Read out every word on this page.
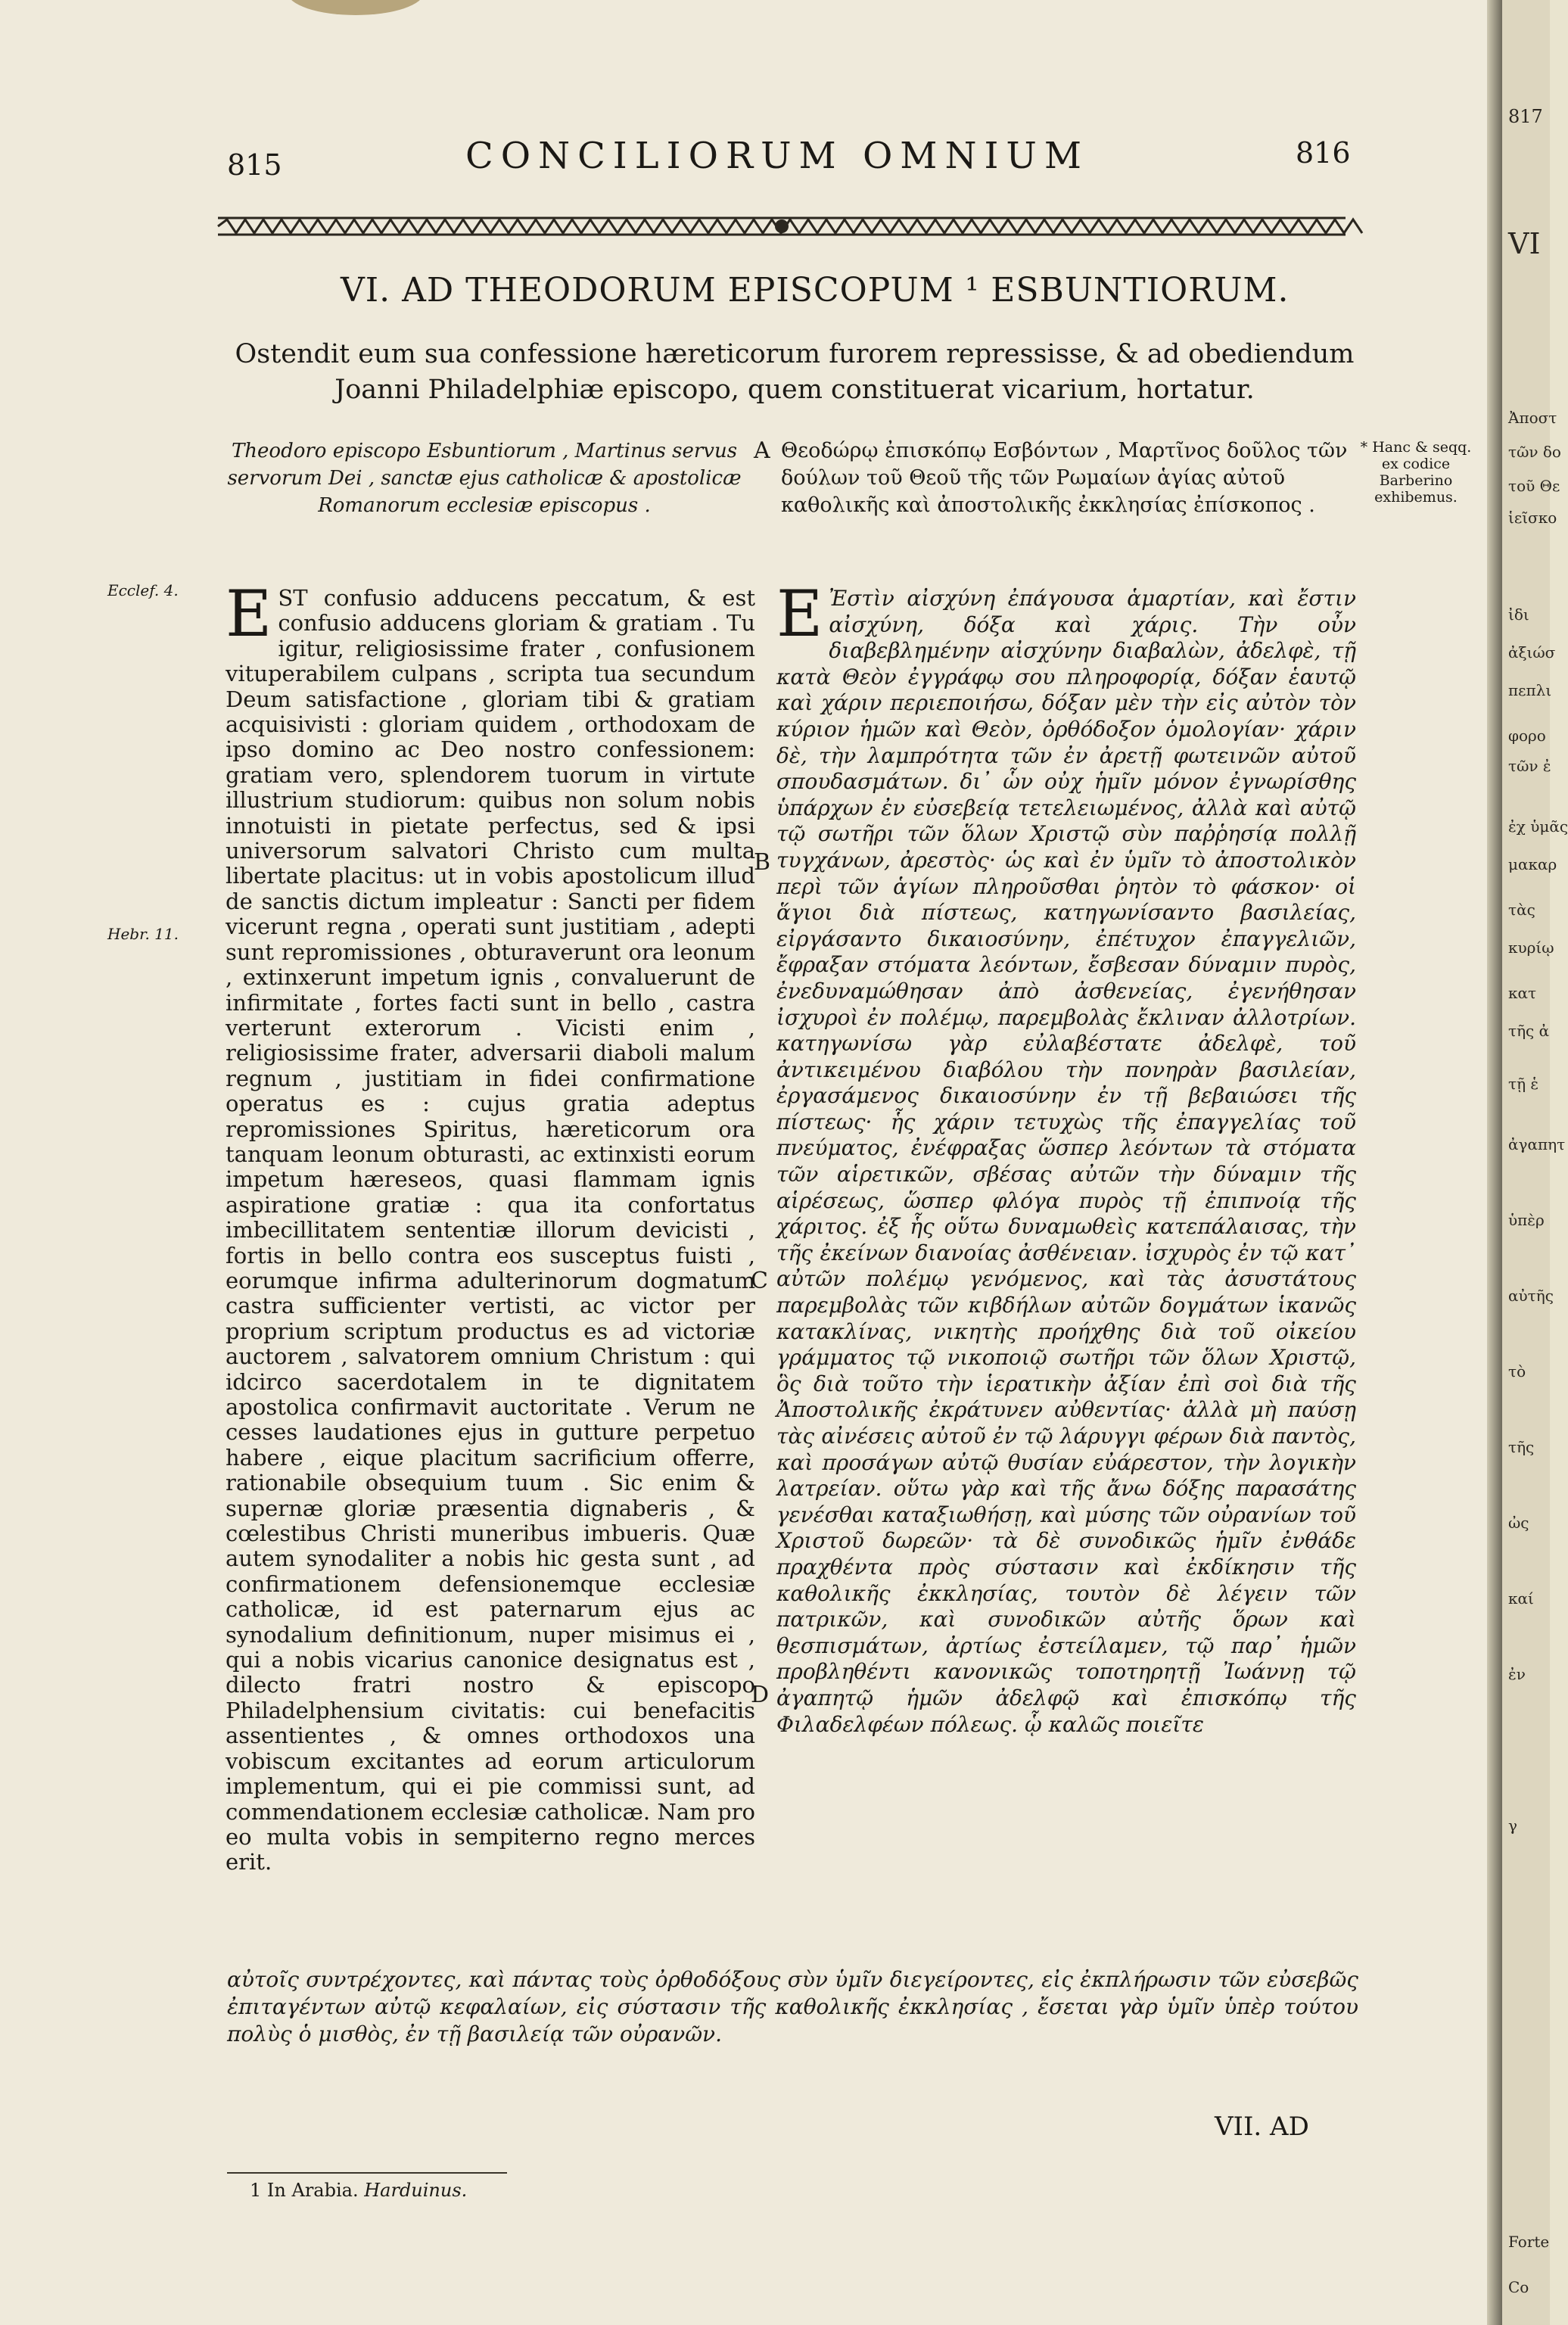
817
VI
Ἀποστ
τῶν δο
τοῦ Θε
ἱεῖσκο
ἰδι
ἀξιώσ
πεπλι
φορο
τῶν ἐ
ἐχ ὑμᾶς
μακαρ
τὰς
κυρίῳ
κατ
τῆς ἀ
τῇ ἑ
ἀγαπητ
ὑπὲρ
αὐτῆς
τὸ
τῆς
ὠς
καί
ἐν
γ
Forte
Co
815	CONCILIORUM OMNIUM	816
VI. AD THEODORUM EPISCOPUM ¹ ESBUNTIORUM.
Ostendit eum sua confessione hæreticorum furorem repressisse, & ad obediendum Joanni Philadelphiæ episcopo, quem constituerat vicarium, hortatur.
Theodoro episcopo Esbuntiorum , Martinus servus servorum Dei , sanctæ ejus catholicæ & apostolicæ Romanorum ecclesiæ episcopus .
A Θεοδώρῳ ἐπισκόπῳ Εσβόντων , Μαρτῖνος δοῦλος τῶν δούλων τοῦ Θεοῦ τῆς τῶν Ρωμαίων ἁγίας αὐτοῦ καθολικῆς καὶ ἀποστολικῆς ἐκκλησίας ἐπίσκοπος .
* Hanc & seqq. ex codice Barberino exhibemus.
Ecclef. 4.
Hebr. 11.
B
C
D
EST confusio adducens peccatum, & est confusio adducens gloriam & gratiam . Tu igitur, religiosissime frater , confusionem vituperabilem culpans , scripta tua secundum Deum satisfactione , gloriam tibi & gratiam acquisivisti : gloriam quidem , orthodoxam de ipso domino ac Deo nostro confessionem: gratiam vero, splendorem tuorum in virtute illustrium studiorum: quibus non solum nobis innotuisti in pietate perfectus, sed & ipsi universorum salvatori Christo cum multa libertate placitus: ut in vobis apostolicum illud de sanctis dictum impleatur : Sancti per fidem vicerunt regna , operati sunt justitiam , adepti sunt repromissiones , obturaverunt ora leonum , extinxerunt impetum ignis , convaluerunt de infirmitate , fortes facti sunt in bello , castra verterunt exterorum . Vicisti enim , religiosissime frater, adversarii diaboli malum regnum , justitiam in fidei confirmatione operatus es : cujus gratia adeptus repromissiones Spiritus, hæreticorum ora tanquam leonum obturasti, ac extinxisti eorum impetum hæreseos, quasi flammam ignis aspiratione gratiæ : qua ita confortatus imbecillitatem sententiæ illorum devicisti , fortis in bello contra eos susceptus fuisti , eorumque infirma adulterinorum dogmatum castra sufficienter vertisti, ac victor per proprium scriptum productus es ad victoriæ auctorem , salvatorem omnium Christum : qui idcirco sacerdotalem in te dignitatem apostolica confirmavit auctoritate . Verum ne cesses laudationes ejus in gutture perpetuo habere , eique placitum sacrificium offerre, rationabile obsequium tuum . Sic enim & supernæ gloriæ præsentia dignaberis , & cœlestibus Christi muneribus imbueris. Quæ autem synodaliter a nobis hic gesta sunt , ad confirmationem defensionemque ecclesiæ catholicæ, id est paternarum ejus ac synodalium definitionum, nuper misimus ei , qui a nobis vicarius canonice designatus est , dilecto fratri nostro & episcopo Philadelphensium civitatis: cui benefacitis assentientes , & omnes orthodoxos una vobiscum excitantes ad eorum articulorum implementum, qui ei pie commissi sunt, ad commendationem ecclesiæ catholicæ. Nam pro eo multa vobis in sempiterno regno merces erit.
Ε Ἐστὶν αἰσχύνη ἐπάγουσα ἁμαρτίαν, καὶ ἔστιν αἰσχύνη, δόξα καὶ χάρις. Τὴν οὖν διαβεβλημένην αἰσχύνην διαβαλὼν, ἀδελφὲ, τῇ κατὰ Θεὸν ἐγγράφῳ σου πληροφορίᾳ, δόξαν ἑαυτῷ καὶ χάριν περιεποιήσω, δόξαν μὲν τὴν εἰς αὐτὸν τὸν κύριον ἡμῶν καὶ Θεὸν, ὀρθόδοξον ὁμολογίαν· χάριν δὲ, τὴν λαμπρότητα τῶν ἐν ἀρετῇ φωτεινῶν αὐτοῦ σπουδασμάτων. δι᾽ ὧν οὐχ ἡμῖν μόνον ἐγνωρίσθης ὑπάρχων ἐν εὐσεβείᾳ τετελειωμένος, ἀλλὰ καὶ αὐτῷ τῷ σωτῆρι τῶν ὅλων Χριστῷ σὺν παῤῥησίᾳ πολλῇ τυγχάνων, ἀρεστὸς· ὡς καὶ ἐν ὑμῖν τὸ ἀποστολικὸν περὶ τῶν ἁγίων πληροῦσθαι ῥητὸν τὸ φάσκον· οἱ ἅγιοι διὰ πίστεως, κατηγωνίσαντο βασιλείας, εἰργάσαντο δικαιοσύνην, ἐπέτυχον ἐπαγγελιῶν, ἔφραξαν στόματα λεόντων, ἔσβεσαν δύναμιν πυρὸς, ἐνεδυναμώθησαν ἀπὸ ἀσθενείας, ἐγενήθησαν ἰσχυροὶ ἐν πολέμῳ, παρεμβολὰς ἔκλιναν ἀλλοτρίων. κατηγωνίσω γὰρ εὐλαβέστατε ἀδελφὲ, τοῦ ἀντικειμένου διαβόλου τὴν πονηρὰν βασιλείαν, ἐργασάμενος δικαιοσύνην ἐν τῇ βεβαιώσει τῆς πίστεως· ἧς χάριν τετυχὼς τῆς ἐπαγγελίας τοῦ πνεύματος, ἐνέφραξας ὥσπερ λεόντων τὰ στόματα τῶν αἱρετικῶν, σβέσας αὐτῶν τὴν δύναμιν τῆς αἱρέσεως, ὥσπερ φλόγα πυρὸς τῇ ἐπιπνοίᾳ τῆς χάριτος. ἐξ ἧς οὕτω δυναμωθεὶς κατεπάλαισας, τὴν τῆς ἐκείνων διανοίας ἀσθένειαν. ἰσχυρὸς ἐν τῷ κατ᾽ αὐτῶν πολέμῳ γενόμενος, καὶ τὰς ἀσυστάτους παρεμβολὰς τῶν κιβδήλων αὐτῶν δογμάτων ἱκανῶς κατακλίνας, νικητὴς προήχθης διὰ τοῦ οἰκείου γράμματος τῷ νικοποιῷ σωτῆρι τῶν ὅλων Χριστῷ, ὃς διὰ τοῦτο τὴν ἱερατικὴν ἀξίαν ἐπὶ σοὶ διὰ τῆς Ἀποστολικῆς ἐκράτυνεν αὐθεντίας· ἀλλὰ μὴ παύσῃ τὰς αἰνέσεις αὐτοῦ ἐν τῷ λάρυγγι φέρων διὰ παντὸς, καὶ προσάγων αὐτῷ θυσίαν εὐάρεστον, τὴν λογικὴν λατρείαν. οὕτω γὰρ καὶ τῆς ἄνω δόξης παρασάτης γενέσθαι καταξιωθήσῃ, καὶ μύσης τῶν οὐρανίων τοῦ Χριστοῦ δωρεῶν· τὰ δὲ συνοδικῶς ἡμῖν ἐνθάδε πραχθέντα πρὸς σύστασιν καὶ ἐκδίκησιν τῆς καθολικῆς ἐκκλησίας, τουτὸν δὲ λέγειν τῶν πατρικῶν, καὶ συνοδικῶν αὐτῆς ὅρων καὶ θεσπισμάτων, ἀρτίως ἐστείλαμεν, τῷ παρ᾽ ἡμῶν προβληθέντι κανονικῶς τοποτηρητῇ Ἰωάννῃ τῷ ἀγαπητῷ ἡμῶν ἀδελφῷ καὶ ἐπισκόπῳ τῆς Φιλαδελφέων πόλεως. ᾧ καλῶς ποιεῖτε
αὐτοῖς συντρέχοντες, καὶ πάντας τοὺς ὀρθοδόξους σὺν ὑμῖν διεγείροντες, εἰς ἐκπλήρωσιν τῶν εὐσεβῶς ἐπιταγέντων αὐτῷ κεφαλαίων, εἰς σύστασιν τῆς καθολικῆς ἐκκλησίας , ἔσεται γὰρ ὑμῖν ὑπὲρ τούτου πολὺς ὁ μισθὸς, ἐν τῇ βασιλείᾳ τῶν οὐρανῶν.
VII. AD
1 In Arabia. Harduinus.
